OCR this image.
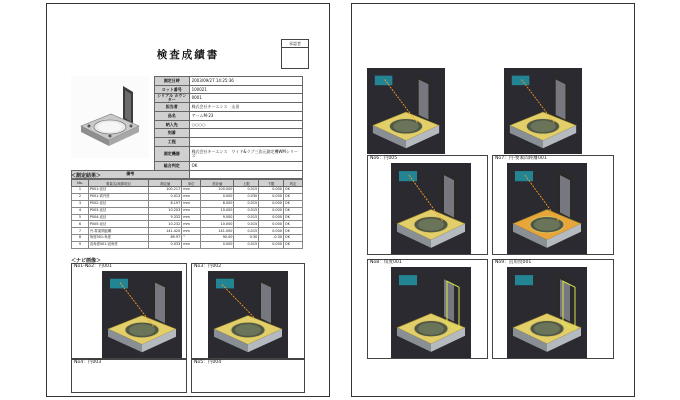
検査成績書
承認者
	測定日時	2003/09/27 14:25:36
	ロット番号	100021
	シリアル カウンター	0001
	担当者	株式会社キーエンス　山田
	品名	アームM-23
	納入先	○○○○
	刻番	
	工程	
	測定機器	株式会社キーエンス　ワイド&ラブ三次元測定機WMシリーズ
	総合判定	OK
備考		
＜測定結果＞
No.	要素名/演算項目	測定値	単位	設計値	上限	下限	判定
1	P001:直径	100.217	mm	100.000	0.015	0.000	OK
2	P001:真円度	0.013	mm	0.000	0.030	0.000	OK
3	P002:直径	8.197	mm	8.000	0.015	0.000	OK
4	P003:直径	10.203	mm	10.000	0.015	0.000	OK
5	P004:直径	9.332	mm	9.000	0.015	0.000	OK
6	P005:直径	10.232	mm	10.000	0.015	0.000	OK
7	円-要素間距離	141.420	mm	141.000	0.015	0.000	OK
8	角度001:角度	89.97	°	90.00	0.30	-0.30	OK
9	直角度001:直角度	0.033	mm	0.000	0.015	0.000	OK
＜ナビ画像＞
No1-No2：円001	No3：円002
No4：円003	No5：円004
No6：円005	No7：円-要素間距離001
No8：角度001	No9：直角度001
